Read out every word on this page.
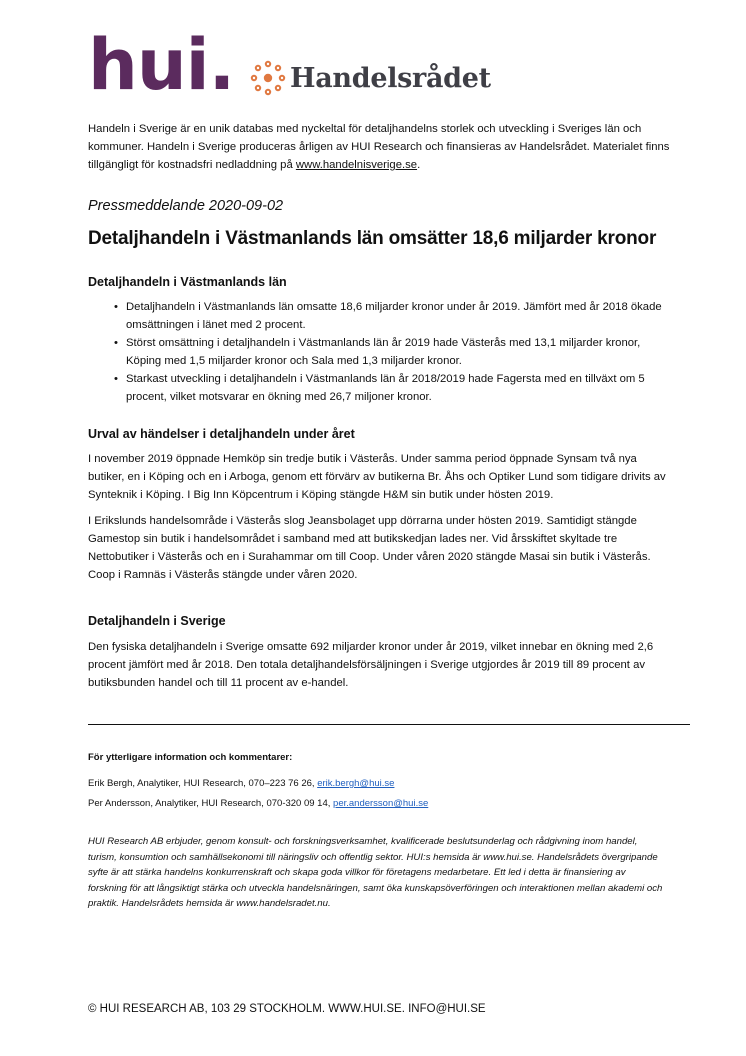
hui. Handelsrådet
Handeln i Sverige är en unik databas med nyckeltal för detaljhandelns storlek och utveckling i Sveriges län och kommuner. Handeln i Sverige produceras årligen av HUI Research och finansieras av Handelsrådet. Materialet finns tillgängligt för kostnadsfri nedladdning på www.handelnisverige.se.
Pressmeddelande 2020-09-02
Detaljhandeln i Västmanlands län omsätter 18,6 miljarder kronor
Detaljhandeln i Västmanlands län
• Detaljhandeln i Västmanlands län omsatte 18,6 miljarder kronor under år 2019. Jämfört med år 2018 ökade omsättningen i länet med 2 procent.
• Störst omsättning i detaljhandeln i Västmanlands län år 2019 hade Västerås med 13,1 miljarder kronor, Köping med 1,5 miljarder kronor och Sala med 1,3 miljarder kronor.
• Starkast utveckling i detaljhandeln i Västmanlands län år 2018/2019 hade Fagersta med en tillväxt om 5 procent, vilket motsvarar en ökning med 26,7 miljoner kronor.
Urval av händelser i detaljhandeln under året
I november 2019 öppnade Hemköp sin tredje butik i Västerås. Under samma period öppnade Synsam två nya butiker, en i Köping och en i Arboga, genom ett förvärv av butikerna Br. Åhs och Optiker Lund som tidigare drivits av Synteknik i Köping. I Big Inn Köpcentrum i Köping stängde H&M sin butik under hösten 2019.
I Erikslunds handelsområde i Västerås slog Jeansbolaget upp dörrarna under hösten 2019. Samtidigt stängde Gamestop sin butik i handelsområdet i samband med att butikskedjan lades ner. Vid årsskiftet skyltade tre Nettobutiker i Västerås och en i Surahammar om till Coop. Under våren 2020 stängde Masai sin butik i Västerås. Coop i Ramnäs i Västerås stängde under våren 2020.
Detaljhandeln i Sverige
Den fysiska detaljhandeln i Sverige omsatte 692 miljarder kronor under år 2019, vilket innebar en ökning med 2,6 procent jämfört med år 2018. Den totala detaljhandelsförsäljningen i Sverige utgjordes år 2019 till 89 procent av butiksbunden handel och till 11 procent av e-handel.
För ytterligare information och kommentarer:
Erik Bergh, Analytiker, HUI Research, 070–223 76 26, erik.bergh@hui.se
Per Andersson, Analytiker, HUI Research, 070-320 09 14, per.andersson@hui.se
HUI Research AB erbjuder, genom konsult- och forskningsverksamhet, kvalificerade beslutsunderlag och rådgivning inom handel, turism, konsumtion och samhällsekonomi till näringsliv och offentlig sektor. HUI:s hemsida är www.hui.se. Handelsrådets övergripande syfte är att stärka handelns konkurrenskraft och skapa goda villkor för företagens medarbetare. Ett led i detta är finansiering av forskning för att långsiktigt stärka och utveckla handelsnäringen, samt öka kunskapsöverföringen och interaktionen mellan akademi och praktik. Handelsrådets hemsida är www.handelsradet.nu.
© HUI RESEARCH AB, 103 29 STOCKHOLM. WWW.HUI.SE. INFO@HUI.SE
